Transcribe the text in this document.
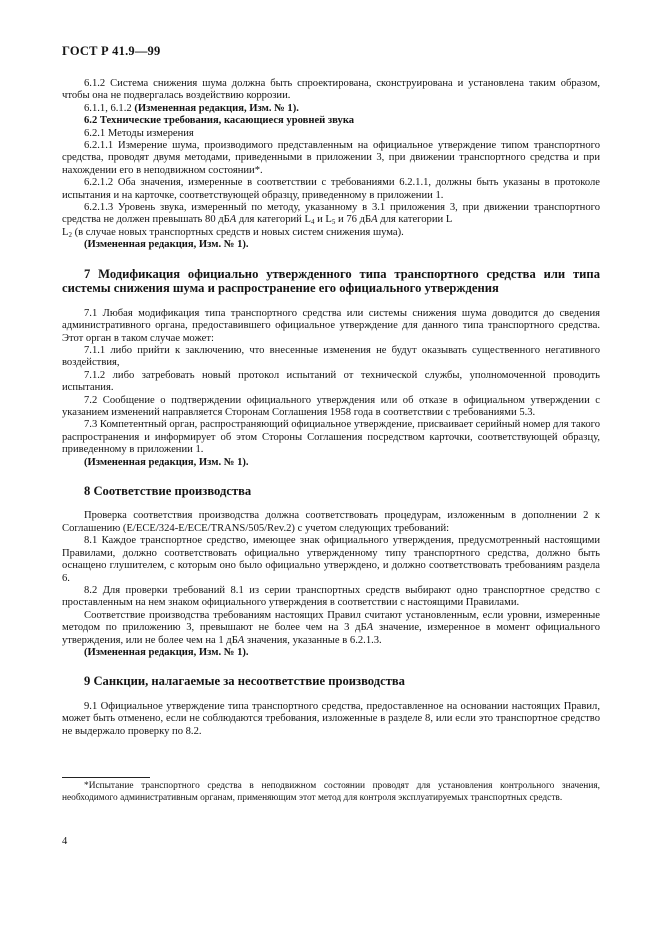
ГОСТ Р 41.9—99

6.1.2 Система снижения шума должна быть спроектирована, сконструирована и установлена таким образом, чтобы она не подвергалась воздействию коррозии.

6.1.1, 6.1.2 (Измененная редакция, Изм. № 1).

6.2 Технические требования, касающиеся уровней звука

6.2.1 Методы измерения

6.2.1.1 Измерение шума, производимого представленным на официальное утверждение типом транспортного средства, проводят двумя методами, приведенными в приложении 3, при движении транспортного средства и при нахождении его в неподвижном состоянии*.

6.2.1.2 Оба значения, измеренные в соответствии с требованиями 6.2.1.1, должны быть указаны в протоколе испытания и на карточке, соответствующей образцу, приведенному в приложении 1.

6.2.1.3 Уровень звука, измеренный по методу, указанному в 3.1 приложения 3, при движении транспортного средства не должен превышать 80 дБА для категорий $L_4$ и $L_5$ и 76 дБА для категории L
$L_2$ (в случае новых транспортных средств и новых систем снижения шума).

(Измененная редакция, Изм. № 1).

7 Модификация официально утвержденного типа транспортного средства или типа системы снижения шума и распространение его официального утверждения

7.1 Любая модификация типа транспортного средства или системы снижения шума доводится до сведения административного органа, предоставившего официальное утверждение для данного типа транспортного средства. Этот орган в таком случае может:

7.1.1 либо прийти к заключению, что внесенные изменения не будут оказывать существенного негативного воздействия,

7.1.2 либо затребовать новый протокол испытаний от технической службы, уполномоченной проводить испытания.

7.2 Сообщение о подтверждении официального утверждения или об отказе в официальном утверждении с указанием изменений направляется Сторонам Соглашения 1958 года в соответствии с требованиями 5.3.

7.3 Компетентный орган, распространяющий официальное утверждение, присваивает серийный номер для такого распространения и информирует об этом Стороны Соглашения посредством карточки, соответствующей образцу, приведенному в приложении 1.

(Измененная редакция, Изм. № 1).

8 Соответствие производства

Проверка соответствия производства должна соответствовать процедурам, изложенным в дополнении 2 к Соглашению (E/ECE/324-E/ECE/TRANS/505/Rev.2) с учетом следующих требований:

8.1 Каждое транспортное средство, имеющее знак официального утверждения, предусмотренный настоящими Правилами, должно соответствовать официально утвержденному типу транспортного средства, должно быть оснащено глушителем, с которым оно было официально утверждено, и должно соответствовать требованиям раздела 6.

8.2 Для проверки требований 8.1 из серии транспортных средств выбирают одно транспортное средство с проставленным на нем знаком официального утверждения в соответствии с настоящими Правилами.

Соответствие производства требованиям настоящих Правил считают установленным, если уровни, измеренные методом по приложению 3, превышают не более чем на 3 дБА значение, измеренное в момент официального утверждения, или не более чем на 1 дБА значения, указанные в 6.2.1.3.

(Измененная редакция, Изм. № 1).

9 Санкции, налагаемые за несоответствие производства

9.1 Официальное утверждение типа транспортного средства, предоставленное на основании настоящих Правил, может быть отменено, если не соблюдаются требования, изложенные в разделе 8, или если это транспортное средство не выдержало проверку по 8.2.

*Испытание транспортного средства в неподвижном состоянии проводят для установления контрольного значения, необходимого административным органам, применяющим этот метод для контроля эксплуатируемых транспортных средств.

4
